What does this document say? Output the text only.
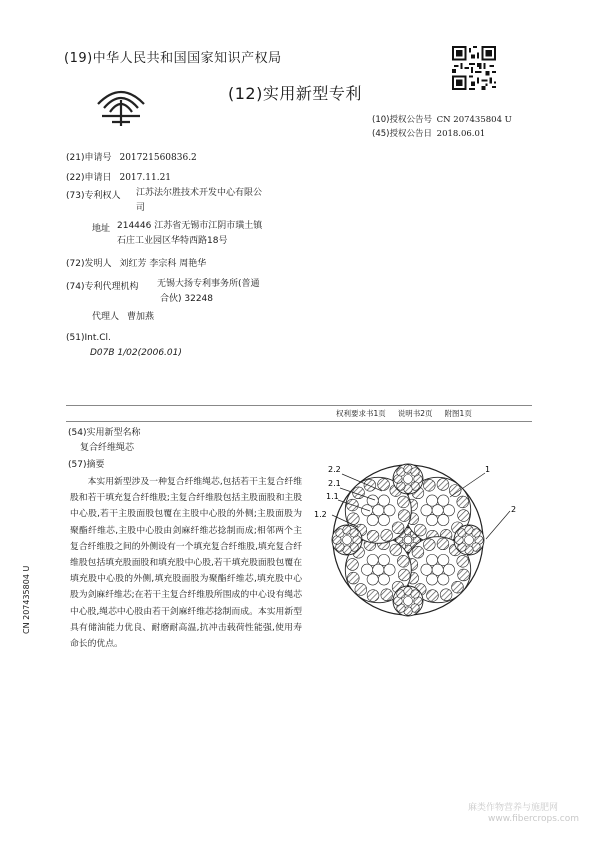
(19)中华人民共和国国家知识产权局
(12)实用新型专利
(10)授权公告号 CN 207435804 U
(45)授权公告日 2018.06.01
(21)申请号 201721560836.2
(22)申请日 2017.11.21
(73)专利权人 江苏法尔胜技术开发中心有限公
司
地址 214446 江苏省无锡市江阴市璜土镇
石庄工业园区华特西路18号
(72)发明人 刘红芳 李宗科 周艳华
(74)专利代理机构 无锡大扬专利事务所(普通
合伙) 32248
代理人 曹加燕
(51)Int.Cl.
D07B 1/02(2006.01)
权利要求书1页 说明书2页 附图1页
(54)实用新型名称
复合纤维绳芯
(57)摘要
本实用新型涉及一种复合纤维绳芯,包括若干主复合纤维股和若干填充复合纤维股;主复合纤维股包括主股面股和主股中心股,若干主股面股包覆在主股中心股的外侧;主股面股为聚酯纤维芯,主股中心股由剑麻纤维芯捻制而成;相邻两个主复合纤维股之间的外侧设有一个填充复合纤维股,填充复合纤维股包括填充股面股和填充股中心股,若干填充股面股包覆在填充股中心股的外侧,填充股面股为聚酯纤维芯,填充股中心股为剑麻纤维芯;在若干主复合纤维股所围成的中心设有绳芯中心股,绳芯中心股由若干剑麻纤维芯捻制而成。本实用新型具有储油能力优良、耐磨耐高温,抗冲击载荷性能强,使用寿命长的优点。
2.2
2.1
1.1
1.2
1
2
CN 207435804 U
麻类作物营养与施肥网
www.fibercrops.com
